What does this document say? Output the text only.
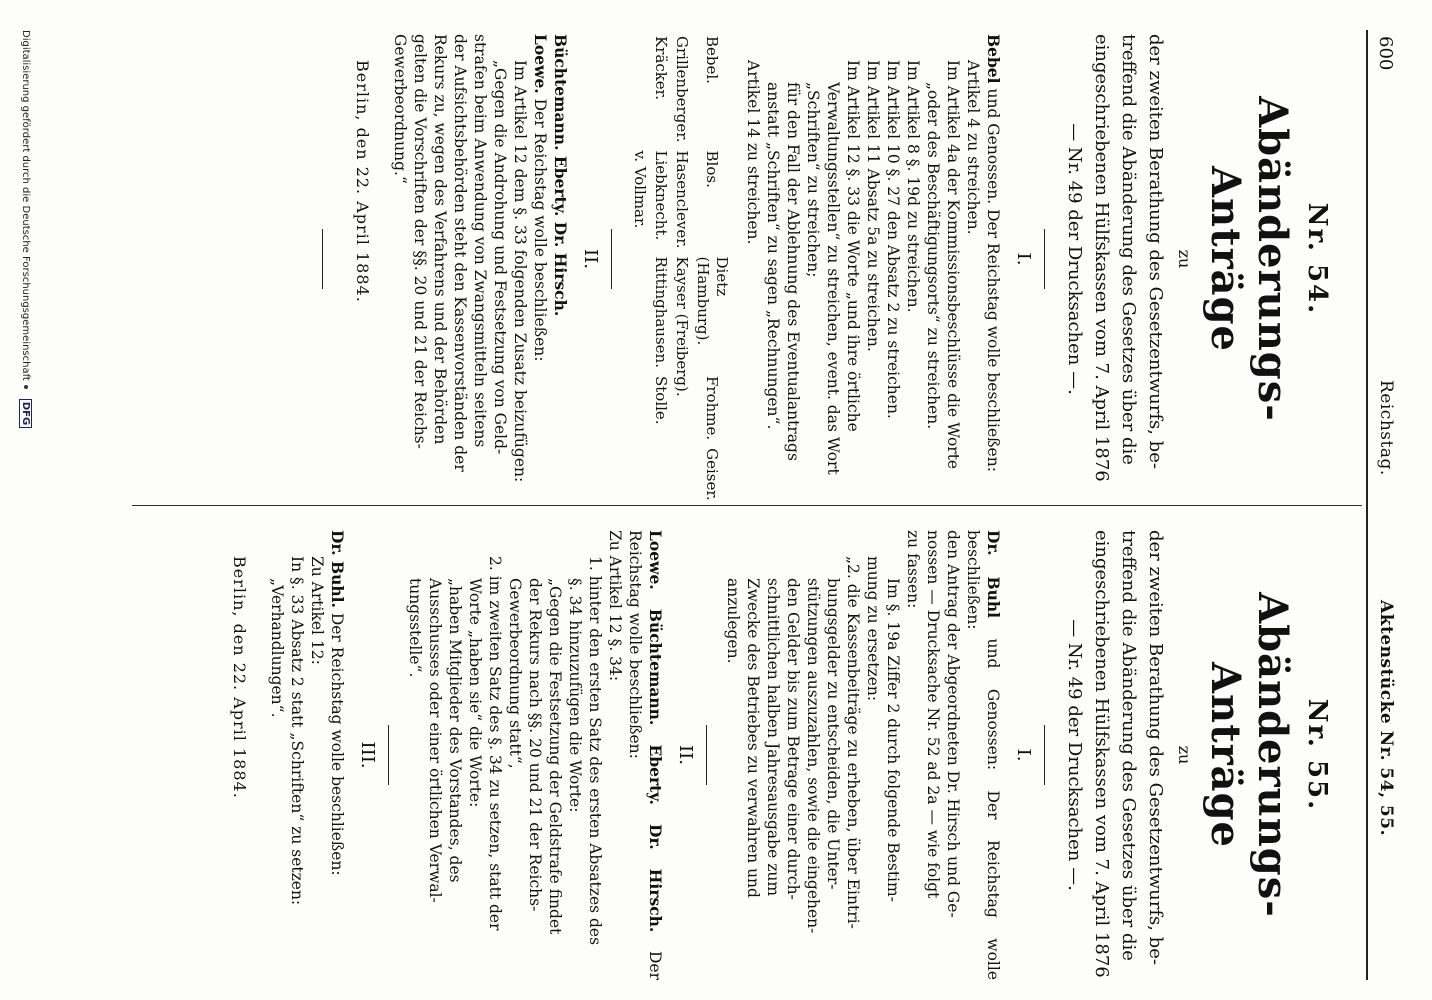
600
Reichstag.
Aktenstücke Nr. 54, 55.
Nr. 54.
Abänderungs-Anträge
zu

der zweiten Berathung des Gesetzentwurfs, be-
treffend die Abänderung des Gesetzes über die
eingeschriebenen Hülfskassen vom 7. April 1876

— Nr. 49 der Drucksachen —.

I.

Bebel und Genossen. Der Reichstag wolle beschließen:

Artikel 4 zu streichen.

Im Artikel 4a der Kommissionsbeschlüsse die Worte

„oder des Beschäftigungsorts“ zu streichen.

Im Artikel 8 §. 19d zu streichen.

Im Artikel 10 §. 27 den Absatz 2 zu streichen.

Im Artikel 11 Absatz 5a zu streichen.

Im Artikel 12 §. 33 die Worte „und ihre örtliche

Verwaltungsstellen“ zu streichen, event. das Wort

„Schriften“ zu streichen;

für den Fall der Ablehnung des Eventualantrags

anstatt „Schriften“ zu sagen „Rechnungen“.

Artikel 14 zu streichen.

Bebel.	Blos.	Dietz (Hamburg).	Frohme.	Geiser.
Grillenberger.	Hasenclever.	Kayser (Freiberg).		
Kräcker.	Liebknecht.	Rittinghausen.	Stolle.	
	v. Vollmar.			
II.

Büchtemann. Eberty. Dr. Hirsch.

Loewe. Der Reichstag wolle beschließen:

Im Artikel 12 dem §. 33 folgenden Zusatz beizufügen:

„Gegen die Androhung und Festsetzung von Geld-

strafen beim Anwendung von Zwangsmitteln seitens

der Aufsichtsbehörden steht den Kassenvorständen der

Rekurs zu, wegen des Verfahrens und der Behörden

gelten die Vorschriften der §§. 20 und 21 der Reichs-

Gewerbeordnung.“

Berlin, den 22. April 1884.
Nr. 55.
Abänderungs-Anträge
zu

der zweiten Berathung des Gesetzentwurfs, be-
treffend die Abänderung des Gesetzes über die
eingeschriebenen Hülfskassen vom 7. April 1876

— Nr. 49 der Drucksachen —.

I.

Dr. Buhl und Genossen: Der Reichstag wolle beschließen:

den Antrag der Abgeordneten Dr. Hirsch und Ge-

nossen — Drucksache Nr. 52 ad 2a — wie folgt

zu fassen:

Im §. 19a Ziffer 2 durch folgende Bestim-

mung zu ersetzen:

„2. die Kassenbeiträge zu erheben, über Eintri-

bungsgelder zu entscheiden, die Unter-

stützungen auszuzahlen, sowie die eingehen-

den Gelder bis zum Betrage einer durch-

schnittlichen halben Jahresausgabe zum

Zwecke des Betriebes zu verwahren und

anzulegen.

II.

Loewe. Büchtemann. Eberty. Dr. Hirsch. Der Reichstag wolle beschließen:

Zu Artikel 12 §. 34:

1. hinter den ersten Satz des ersten Absatzes des

§. 34 hinzuzufügen die Worte:

„Gegen die Festsetzung der Geldstrafe findet

der Rekurs nach §§. 20 und 21 der Reichs-

Gewerbeordnung statt“,

2. im zweiten Satz des §. 34 zu setzen, statt der

Worte „haben sie“ die Worte:

„haben Mitglieder des Vorstandes, des

Ausschusses oder einer örtlichen Verwal-

tungsstelle“.

III.

Dr. Buhl. Der Reichstag wolle beschließen:

Zu Artikel 12:

In §. 33 Absatz 2 statt „Schriften“ zu setzen:

„Verhandlungen“.

Berlin, den 22. April 1884.
Digitalisierung gefördert durch die Deutsche ForschungsgemeinschaftDFG
